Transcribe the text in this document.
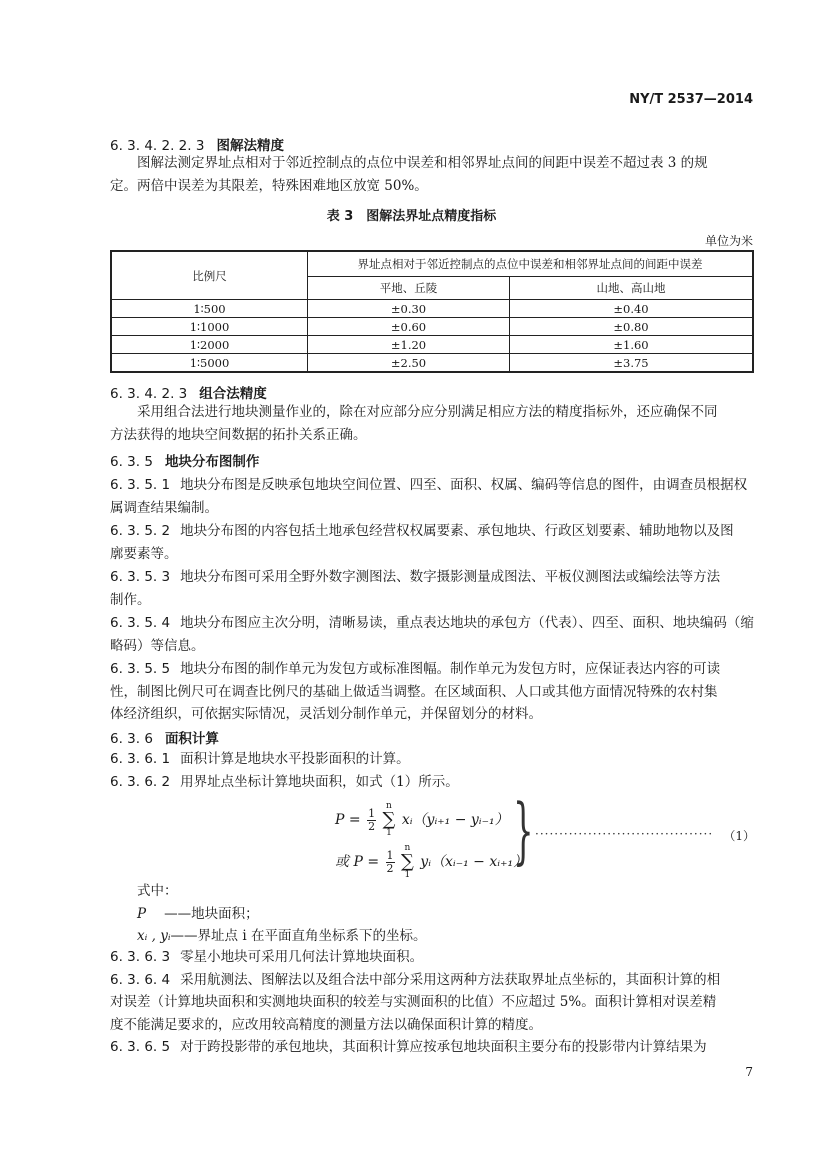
NY/T 2537—2014
6. 3. 4. 2. 2. 3 图解法精度
图解法测定界址点相对于邻近控制点的点位中误差和相邻界址点间的间距中误差不超过表 3 的规
定。两倍中误差为其限差，特殊困难地区放宽 50%。
表 3　图解法界址点精度指标
单位为米
比例尺	界址点相对于邻近控制点的点位中误差和相邻界址点间的间距中误差	
	平地、丘陵	山地、高山地
1∶500	±0.30	±0.40
1∶1000	±0.60	±0.80
1∶2000	±1.20	±1.60
1∶5000	±2.50	±3.75
6. 3. 4. 2. 3 组合法精度
采用组合法进行地块测量作业的，除在对应部分应分别满足相应方法的精度指标外，还应确保不同
方法获得的地块空间数据的拓扑关系正确。
6. 3. 5 地块分布图制作
6. 3. 5. 1 地块分布图是反映承包地块空间位置、四至、面积、权属、编码等信息的图件，由调查员根据权
属调查结果编制。
6. 3. 5. 2 地块分布图的内容包括土地承包经营权权属要素、承包地块、行政区划要素、辅助地物以及图
廓要素等。
6. 3. 5. 3 地块分布图可采用全野外数字测图法、数字摄影测量成图法、平板仪测图法或编绘法等方法
制作。
6. 3. 5. 4 地块分布图应主次分明，清晰易读，重点表达地块的承包方（代表）、四至、面积、地块编码（缩
略码）等信息。
6. 3. 5. 5 地块分布图的制作单元为发包方或标准图幅。制作单元为发包方时，应保证表达内容的可读
性，制图比例尺可在调查比例尺的基础上做适当调整。在区域面积、人口或其他方面情况特殊的农村集
体经济组织，可依据实际情况，灵活划分制作单元，并保留划分的材料。
6. 3. 6 面积计算
6. 3. 6. 1 面积计算是地块水平投影面积的计算。
6. 3. 6. 2 用界址点坐标计算地块面积，如式（1）所示。
$P = \frac{1}{2}$ n
∑
1 xᵢ（yᵢ₊₁ − yᵢ₋₁）
或 $P = \frac{1}{2}$ n
∑
1 yᵢ（xᵢ₋₁ − xᵢ₊₁）
} ····································· （1）
式中：
P ——地块面积；
xᵢ , yᵢ——界址点 i 在平面直角坐标系下的坐标。
6. 3. 6. 3 零星小地块可采用几何法计算地块面积。
6. 3. 6. 4 采用航测法、图解法以及组合法中部分采用这两种方法获取界址点坐标的，其面积计算的相
对误差（计算地块面积和实测地块面积的较差与实测面积的比值）不应超过 5%。面积计算相对误差精
度不能满足要求的，应改用较高精度的测量方法以确保面积计算的精度。
6. 3. 6. 5 对于跨投影带的承包地块，其面积计算应按承包地块面积主要分布的投影带内计算结果为
7
